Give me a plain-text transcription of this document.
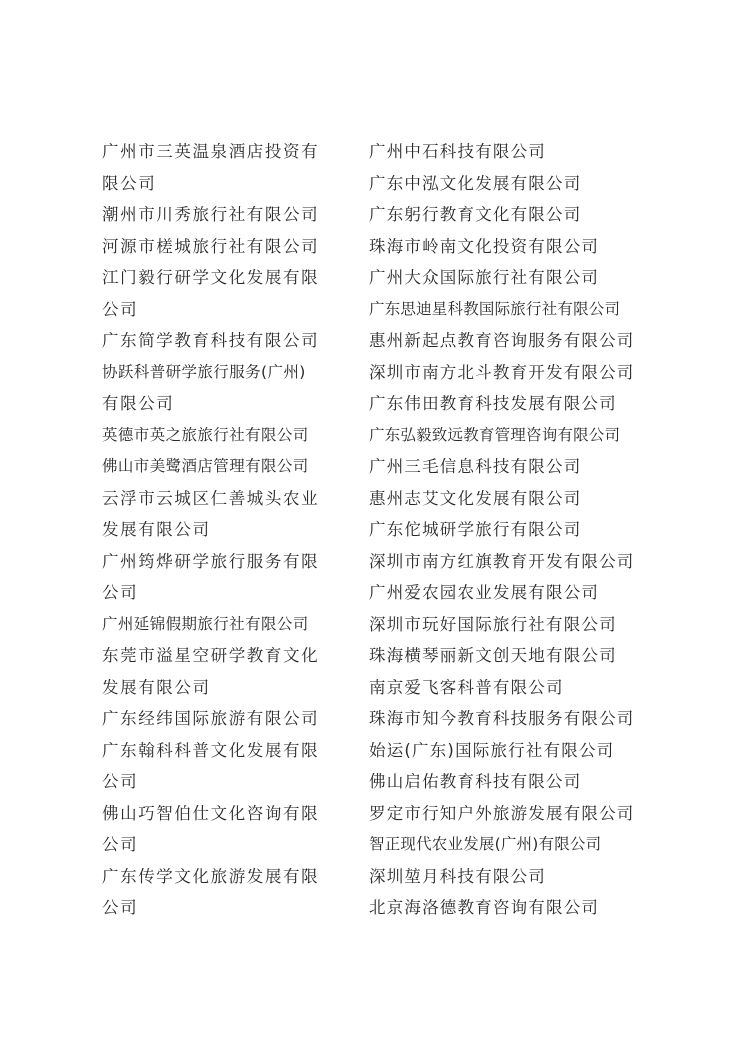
广州市三英温泉酒店投资有
限公司
潮州市川秀旅行社有限公司
河源市槎城旅行社有限公司
江门毅行研学文化发展有限
公司
广东简学教育科技有限公司
协跃科普研学旅行服务(广州)
有限公司
英德市英之旅旅行社有限公司
佛山市美鹭酒店管理有限公司
云浮市云城区仁善城头农业
发展有限公司
广州筠烨研学旅行服务有限
公司
广州延锦假期旅行社有限公司
东莞市溢星空研学教育文化
发展有限公司
广东经纬国际旅游有限公司
广东翰科科普文化发展有限
公司
佛山巧智伯仕文化咨询有限
公司
广东传学文化旅游发展有限
公司
广州中石科技有限公司
广东中泓文化发展有限公司
广东躬行教育文化有限公司
珠海市岭南文化投资有限公司
广州大众国际旅行社有限公司
广东思迪星科教国际旅行社有限公司
惠州新起点教育咨询服务有限公司
深圳市南方北斗教育开发有限公司
广东伟田教育科技发展有限公司
广东弘毅致远教育管理咨询有限公司
广州三毛信息科技有限公司
惠州志艾文化发展有限公司
广东佗城研学旅行有限公司
深圳市南方红旗教育开发有限公司
广州爱农园农业发展有限公司
深圳市玩好国际旅行社有限公司
珠海横琴丽新文创天地有限公司
南京爱飞客科普有限公司
珠海市知今教育科技服务有限公司
始运(广东)国际旅行社有限公司
佛山启佑教育科技有限公司
罗定市行知户外旅游发展有限公司
智正现代农业发展(广州)有限公司
深圳堃月科技有限公司
北京海洛德教育咨询有限公司
